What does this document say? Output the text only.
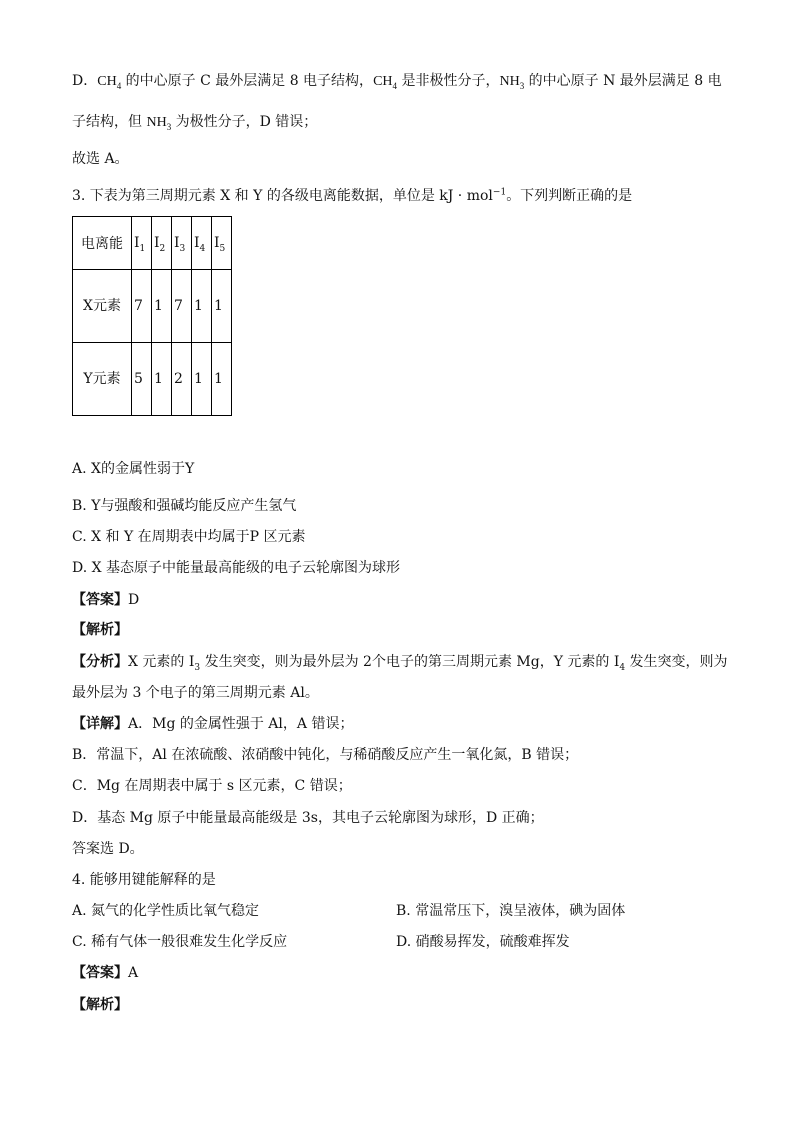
D．$CH_4$ 的中心原子 C 最外层满足 8 电子结构，$CH_4$ 是非极性分子，$NH_3$ 的中心原子 N 最外层满足 8 电
子结构，但 $NH_3$ 为极性分子，D 错误；
故选 A。
3. 下表为第三周期元素 X 和 Y 的各级电离能数据，单位是 kJ · mol$^{-1}$。下列判断正确的是
电离能	$I_1$	$I_2$	$I_3$	$I_4$	$I_5$
X元素	7	1	7	1	1
Y元素	5	1	2	1	1
A. X的金属性弱于Y
B. Y与强酸和强碱均能反应产生氢气
C. X 和 Y 在周期表中均属于P 区元素
D. X 基态原子中能量最高能级的电子云轮廓图为球形
【答案】D
【解析】
【分析】X 元素的 $I_3$ 发生突变，则为最外层为 2个电子的第三周期元素 Mg，Y 元素的 $I_4$ 发生突变，则为
最外层为 3 个电子的第三周期元素 Al。
【详解】A．Mg 的金属性强于 Al，A 错误；
B．常温下，Al 在浓硫酸、浓硝酸中钝化，与稀硝酸反应产生一氧化氮，B 错误；
C．Mg 在周期表中属于 s 区元素，C 错误；
D．基态 Mg 原子中能量最高能级是 3s，其电子云轮廓图为球形，D 正确；
答案选 D。
4. 能够用键能解释的是
A. 氮气的化学性质比氧气稳定	B. 常温常压下，溴呈液体，碘为固体
C. 稀有气体一般很难发生化学反应	D. 硝酸易挥发，硫酸难挥发
【答案】A
【解析】
